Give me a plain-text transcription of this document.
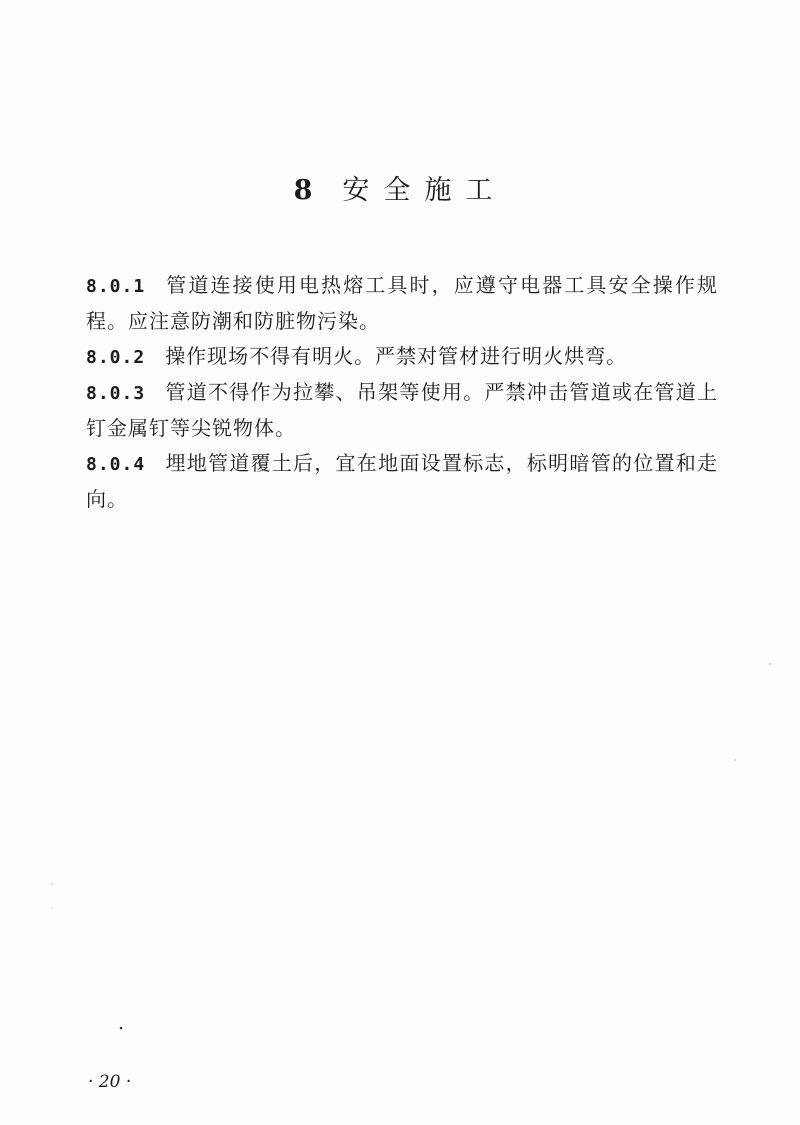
8 安全施工

8.0.1 管道连接使用电热熔工具时，应遵守电器工具安全操作规程。应注意防潮和防脏物污染。

8.0.2 操作现场不得有明火。严禁对管材进行明火烘弯。

8.0.3 管道不得作为拉攀、吊架等使用。严禁冲击管道或在管道上钉金属钉等尖锐物体。

8.0.4 埋地管道覆土后，宜在地面设置标志，标明暗管的位置和走向。

· 20 ·
